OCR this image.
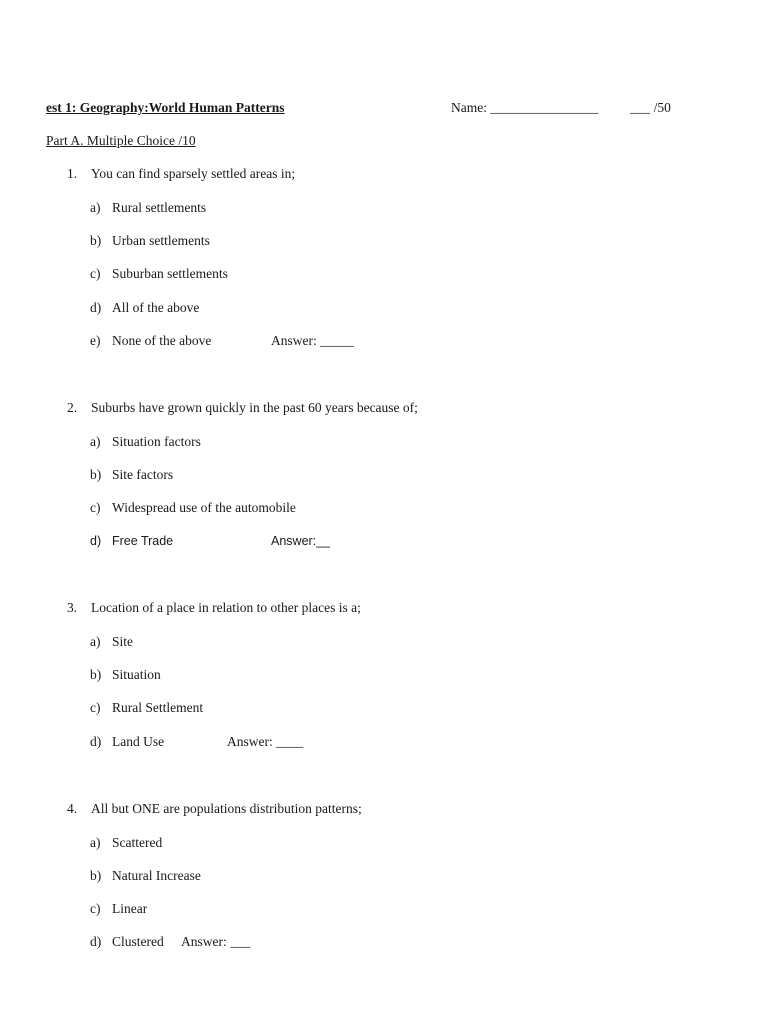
est 1: Geography:World Human Patterns	Name: ________________ ___ /50
Part A. Multiple Choice /10
1. You can find sparsely settled areas in;
a) Rural settlements
b) Urban settlements
c) Suburban settlements
d) All of the above
e) None of the above	Answer: _____
2. Suburbs have grown quickly in the past 60 years because of;
a) Situation factors
b) Site factors
c) Widespread use of the automobile
d) Free Trade	Answer:__
3. Location of a place in relation to other places is a;
a) Site
b) Situation
c) Rural Settlement
d) Land Use	Answer: ____
4. All but ONE are populations distribution patterns;
a) Scattered
b) Natural Increase
c) Linear
d) Clustered Answer: ___
